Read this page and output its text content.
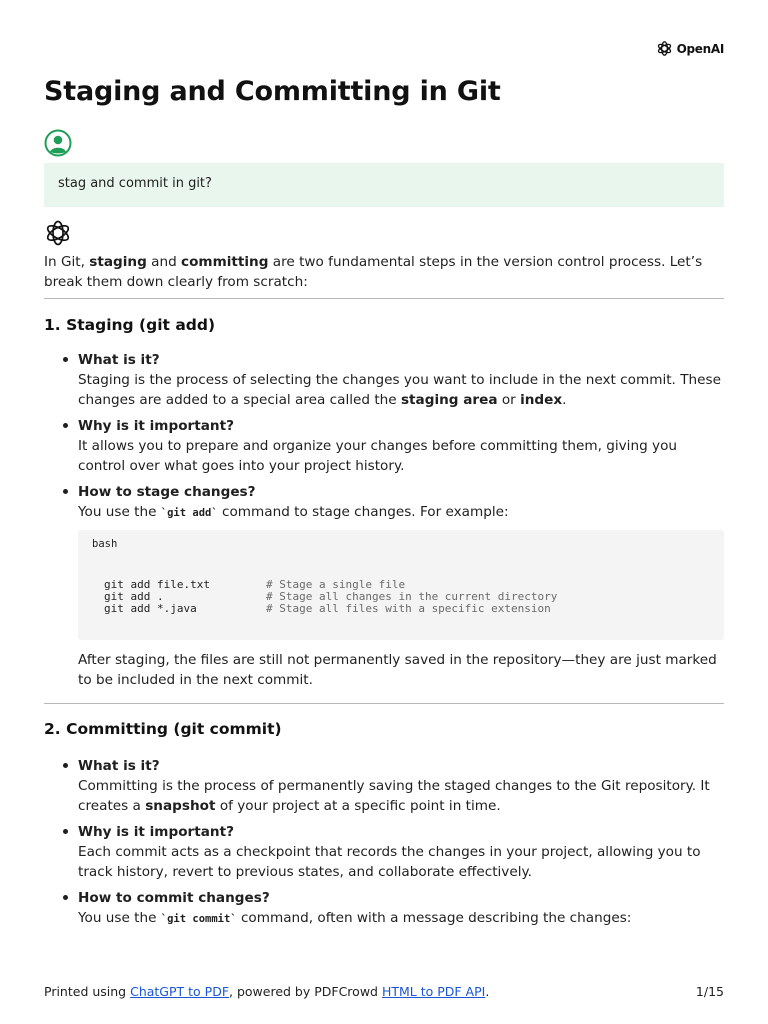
OpenAI
Staging and Committing in Git
stag and commit in git?

In Git, staging and committing are two fundamental steps in the version control process. Let’s break them down clearly from scratch:

1. Staging (git add)
What is it?
Staging is the process of selecting the changes you want to include in the next commit. These changes are added to a special area called the staging area or index.
Why is it important?
It allows you to prepare and organize your changes before committing them, giving you control over what goes into your project history.
How to stage changes?
You use the `git add` command to stage changes. For example:
bash
git add file.txt	# Stage a single file
git add .	# Stage all changes in the current directory
git add *.java	# Stage all files with a specific extension

After staging, the files are still not permanently saved in the repository—they are just marked to be included in the next commit.

2. Committing (git commit)
What is it?
Committing is the process of permanently saving the staged changes to the Git repository. It creates a snapshot of your project at a specific point in time.
Why is it important?
Each commit acts as a checkpoint that records the changes in your project, allowing you to track history, revert to previous states, and collaborate effectively.
How to commit changes?
You use the `git commit` command, often with a message describing the changes:
Printed using ChatGPT to PDF, powered by PDFCrowd HTML to PDF API.	1/15
